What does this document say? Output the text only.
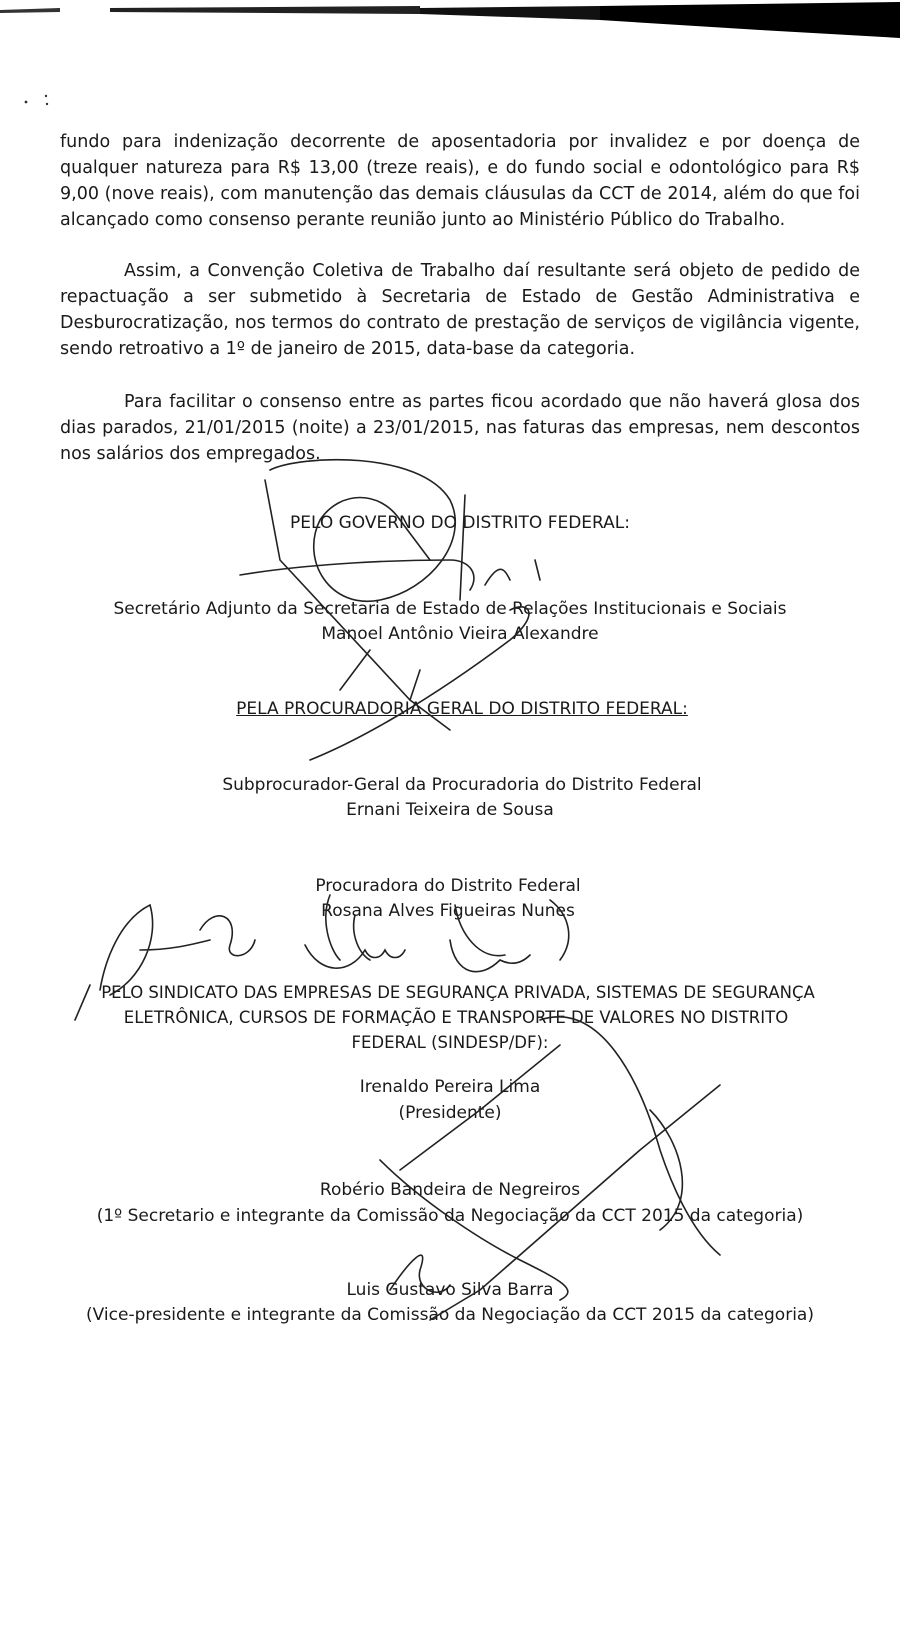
fundo para indenização decorrente de aposentadoria por invalidez e por doença de qualquer natureza para R$ 13,00 (treze reais), e do fundo social e odontológico para R$ 9,00 (nove reais), com manutenção das demais cláusulas da CCT de 2014, além do que foi alcançado como consenso perante reunião junto ao Ministério Público do Trabalho.
Assim, a Convenção Coletiva de Trabalho daí resultante será objeto de pedido de repactuação a ser submetido à Secretaria de Estado de Gestão Administrativa e Desburocratização, nos termos do contrato de prestação de serviços de vigilância vigente, sendo retroativo a 1º de janeiro de 2015, data-base da categoria.
Para facilitar o consenso entre as partes ficou acordado que não haverá glosa dos dias parados, 21/01/2015 (noite) a 23/01/2015, nas faturas das empresas, nem descontos nos salários dos empregados.
PELO GOVERNO DO DISTRITO FEDERAL:
Secretário Adjunto da Secretaria de Estado de Relações Institucionais e Sociais
Manoel Antônio Vieira Alexandre
PELA PROCURADORIA GERAL DO DISTRITO FEDERAL:
Subprocurador-Geral da Procuradoria do Distrito Federal
Ernani Teixeira de Sousa
Procuradora do Distrito Federal
Rosana Alves Figueiras Nunes
PELO SINDICATO DAS EMPRESAS DE SEGURANÇA PRIVADA, SISTEMAS DE SEGURANÇA
ELETRÔNICA, CURSOS DE FORMAÇÃO E TRANSPORTE DE VALORES NO DISTRITO
FEDERAL (SINDESP/DF):
Irenaldo Pereira Lima
(Presidente)
Robério Bandeira de Negreiros
(1º Secretario e integrante da Comissão da Negociação da CCT 2015 da categoria)
Luis Gustavo Silva Barra
(Vice-presidente e integrante da Comissão da Negociação da CCT 2015 da categoria)
